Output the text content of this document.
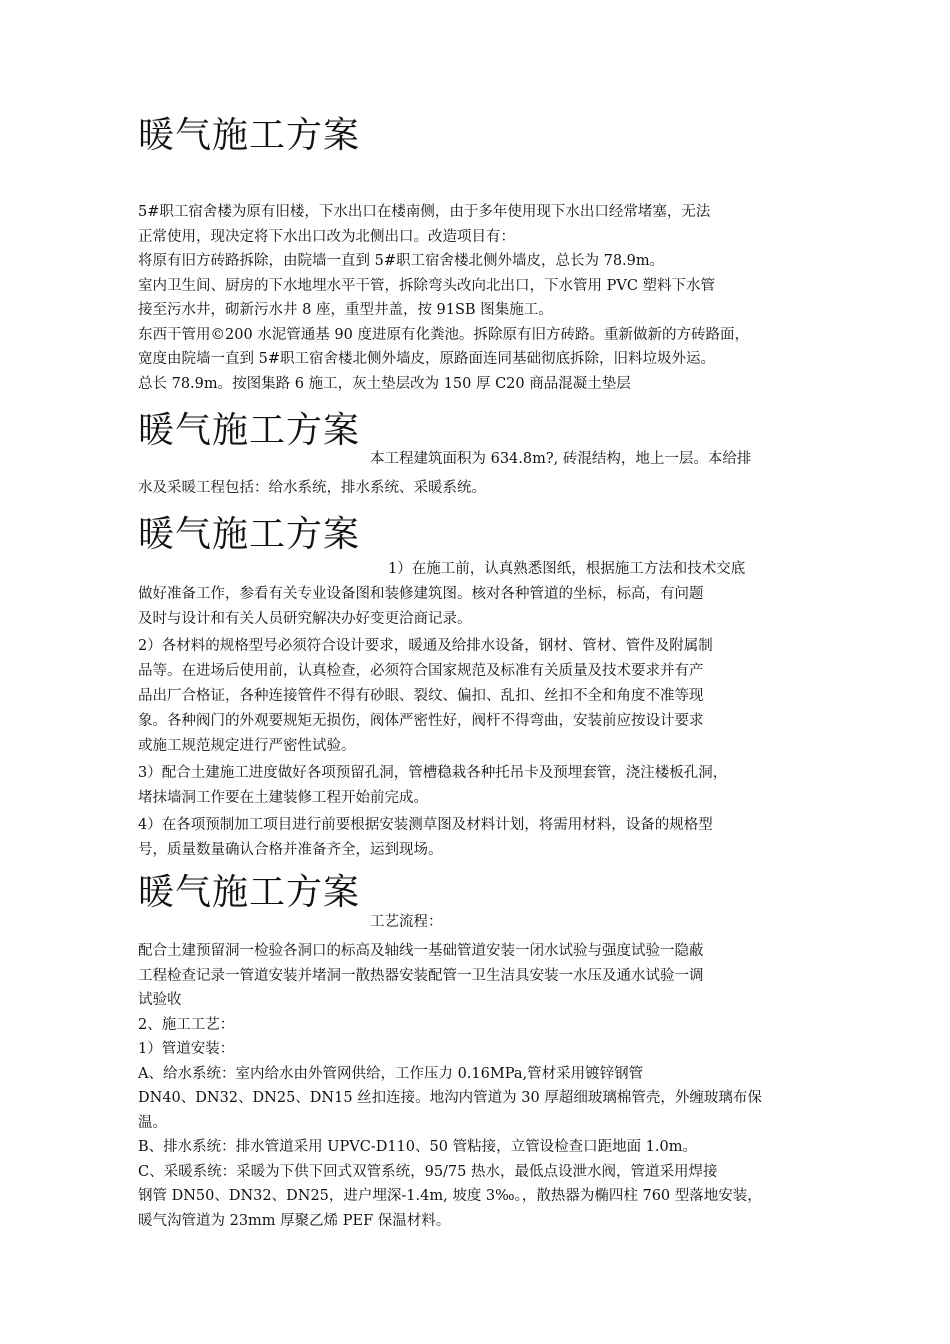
暖气施工方案
5#职工宿舍楼为原有旧楼，下水出口在楼南侧，由于多年使用现下水出口经常堵塞，无法
正常使用，现决定将下水出口改为北侧出口。改造项目有：
将原有旧方砖路拆除，由院墙一直到 5#职工宿舍楼北侧外墙皮，总长为 78.9m。
室内卫生间、厨房的下水地埋水平干管，拆除弯头改向北出口，下水管用 PVC 塑料下水管
接至污水井，砌新污水井 8 座，重型井盖，按 91SB 图集施工。
东西干管用©200 水泥管通基 90 度进原有化粪池。拆除原有旧方砖路。重新做新的方砖路面，
宽度由院墙一直到 5#职工宿舍楼北侧外墙皮，原路面连同基础彻底拆除，旧料垃圾外运。
总长 78.9m。按图集路 6 施工，灰土垫层改为 150 厚 C20 商品混凝土垫层
暖气施工方案
本工程建筑面积为 634.8m?, 砖混结构，地上一层。本给排
水及采暖工程包括：给水系统，排水系统、采暖系统。
暖气施工方案
1）在施工前，认真熟悉图纸，根据施工方法和技术交底
做好准备工作，参看有关专业设备图和装修建筑图。核对各种管道的坐标，标高，有问题
及时与设计和有关人员研究解决办好变更洽商记录。
2）各材料的规格型号必须符合设计要求，暖通及给排水设备，钢材、管材、管件及附属制
品等。在进场后使用前，认真检查，必须符合国家规范及标准有关质量及技术要求并有产
品出厂合格证，各种连接管件不得有砂眼、裂纹、偏扣、乱扣、丝扣不全和角度不准等现
象。各种阀门的外观要规矩无损伤，阀体严密性好，阀杆不得弯曲，安装前应按设计要求
或施工规范规定进行严密性试验。
3）配合土建施工进度做好各项预留孔洞，管槽稳栽各种托吊卡及预埋套管，浇注楼板孔洞，
堵抹墙洞工作要在土建装修工程开始前完成。
4）在各项预制加工项目进行前要根据安装测草图及材料计划，将需用材料，设备的规格型
号，质量数量确认合格并准备齐全，运到现场。
暖气施工方案
工艺流程：
配合土建预留洞一检验各洞口的标高及轴线一基础管道安装一闭水试验与强度试验一隐蔽
工程检查记录一管道安装并堵洞一散热器安装配管一卫生洁具安装一水压及通水试验一调
试验收
2、施工工艺：
1）管道安装：
A、给水系统：室内给水由外管网供给，工作压力 0.16MPa,管材采用镀锌钢管
DN40、DN32、DN25、DN15 丝扣连接。地沟内管道为 30 厚超细玻璃棉管壳，外缠玻璃布保
温。
B、排水系统：排水管道采用 UPVC-D110、50 管粘接，立管设检查口距地面 1.0m。
C、采暖系统：采暖为下供下回式双管系统，95/75 热水，最低点设泄水阀，管道采用焊接
钢管 DN50、DN32、DN25，进户埋深-1.4m, 坡度 3‰。，散热器为椭四柱 760 型落地安装，
暖气沟管道为 23mm 厚聚乙烯 PEF 保温材料。
